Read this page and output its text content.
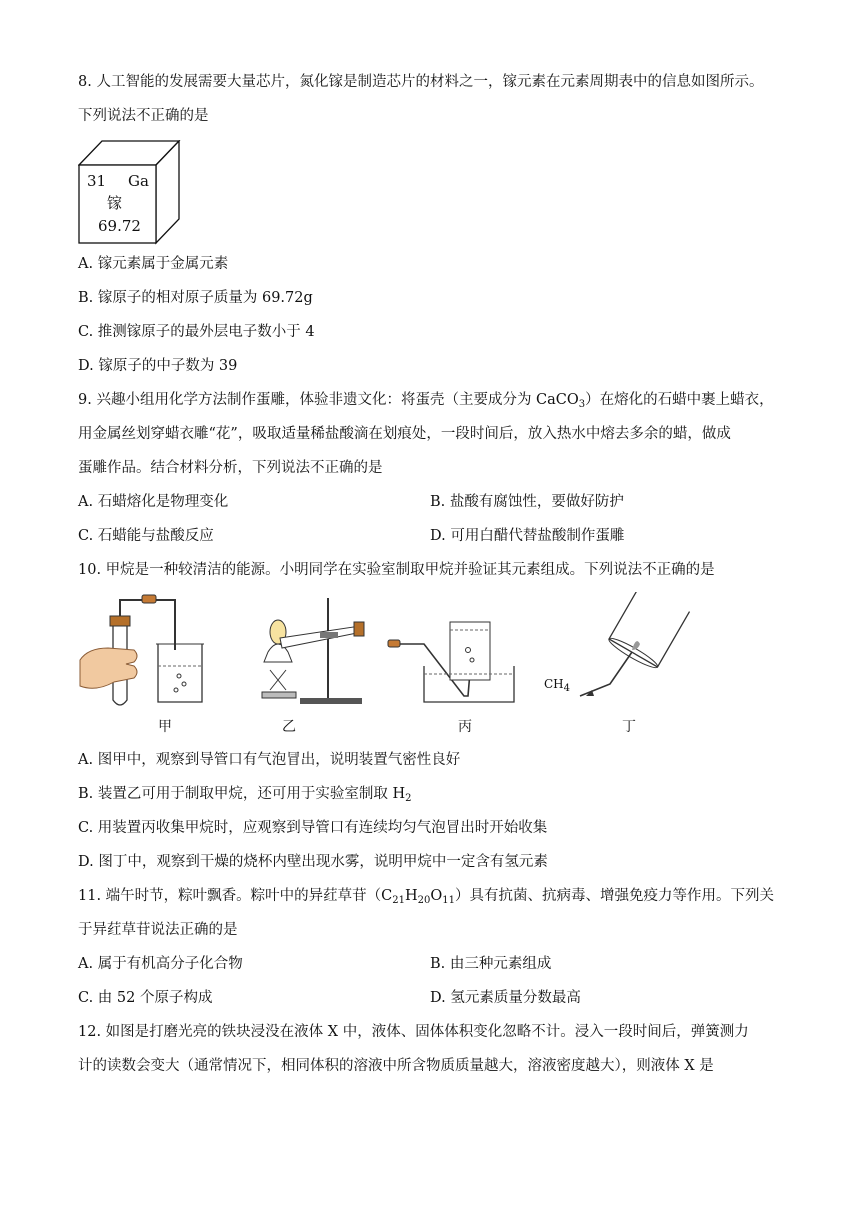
8. 人工智能的发展需要大量芯片，氮化镓是制造芯片的材料之一，镓元素在元素周期表中的信息如图所示。
下列说法不正确的是
31 Ga
镓
69.72
A. 镓元素属于金属元素
B. 镓原子的相对原子质量为 69.72g
C. 推测镓原子的最外层电子数小于 4
D. 镓原子的中子数为 39
9. 兴趣小组用化学方法制作蛋雕，体验非遗文化：将蛋壳（主要成分为 CaCO$_3$）在熔化的石蜡中裹上蜡衣，
用金属丝划穿蜡衣雕“花”，吸取适量稀盐酸滴在划痕处，一段时间后，放入热水中熔去多余的蜡，做成
蛋雕作品。结合材料分析，下列说法不正确的是
A. 石蜡熔化是物理变化	B. 盐酸有腐蚀性，要做好防护
C. 石蜡能与盐酸反应	D. 可用白醋代替盐酸制作蛋雕
10. 甲烷是一种较清洁的能源。小明同学在实验室制取甲烷并验证其元素组成。下列说法不正确的是
甲	乙	丙
$CH_4$
丁
A. 图甲中，观察到导管口有气泡冒出，说明装置气密性良好
B. 装置乙可用于制取甲烷，还可用于实验室制取 $H_2$
C. 用装置丙收集甲烷时，应观察到导管口有连续均匀气泡冒出时开始收集
D. 图丁中，观察到干燥的烧杯内壁出现水雾，说明甲烷中一定含有氢元素
11. 端午时节，粽叶飘香。粽叶中的异荭草苷$(C_{21}H_{20}O_{11})$具有抗菌、抗病毒、增强免疫力等作用。下列关
于异荭草苷说法正确的是
A. 属于有机高分子化合物	B. 由三种元素组成
C. 由 52 个原子构成	D. 氢元素质量分数最高
12. 如图是打磨光亮的铁块浸没在液体 X 中，液体、固体体积变化忽略不计。浸入一段时间后，弹簧测力
计的读数会变大（通常情况下，相同体积的溶液中所含物质质量越大，溶液密度越大），则液体 X 是
